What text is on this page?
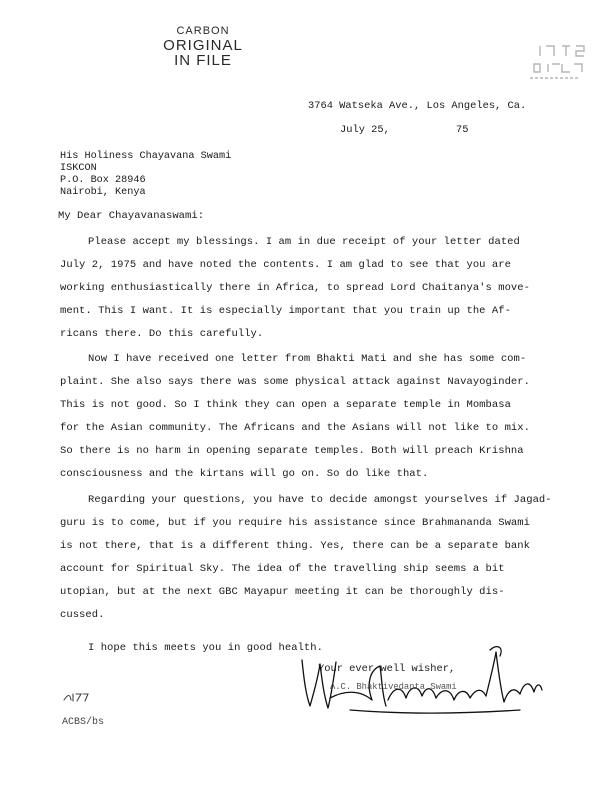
CARBON
ORIGINAL
IN FILE
3764 Watseka Ave., Los Angeles, Ca.
July 25,	75
His Holiness Chayavana Swami
ISKCON
P.O. Box 28946
Nairobi, Kenya
My Dear Chayavanaswami:
Please accept my blessings. I am in due receipt of your letter dated
July 2, 1975 and have noted the contents. I am glad to see that you are
working enthusiastically there in Africa, to spread Lord Chaitanya's move-
ment. This I want. It is especially important that you train up the Af-
ricans there. Do this carefully.
Now I have received one letter from Bhakti Mati and she has some com-
plaint. She also says there was some physical attack against Navayoginder.
This is not good. So I think they can open a separate temple in Mombasa
for the Asian community. The Africans and the Asians will not like to mix.
So there is no harm in opening separate temples. Both will preach Krishna
consciousness and the kirtans will go on. So do like that.
Regarding your questions, you have to decide amongst yourselves if Jagad-
guru is to come, but if you require his assistance since Brahmananda Swami
is not there, that is a different thing. Yes, there can be a separate bank
account for Spiritual Sky. The idea of the travelling ship seems a bit
utopian, but at the next GBC Mayapur meeting it can be thoroughly dis-
cussed.
I hope this meets you in good health.
Your ever well wisher,
A.C. Bhaktivedanta Swami
ACBS/bs
